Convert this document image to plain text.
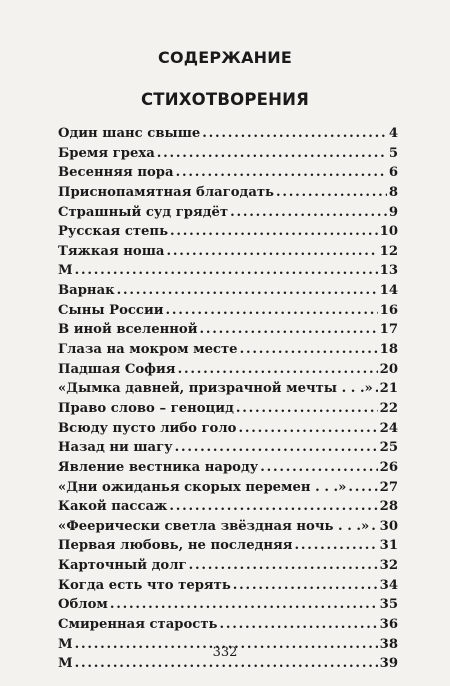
СОДЕРЖАНИЕ
СТИХОТВОРЕНИЯ
Один шанс свыше . . .	4
Бремя греха . . .	5
Весенняя пора . . .	6
Приснопамятная благодать . . .	8
Страшный суд грядёт . . .	9
Русская степь . . .	10
Тяжкая ноша . . .	12
М . . .	13
Варнак . . .	14
Сыны России . . .	16
В иной вселенной . . .	17
Глаза на мокром месте . . .	18
Падшая София . . .	20
«Дымка давней, призрачной мечты . . .» . . . 21
Право слово – геноцид . . .	22
Всюду пусто либо голо . . .	24
Назад ни шагу . . .	25
Явление вестника народу . . .	26
«Дни ожиданья скорых перемен . . .» . . .	27
Какой пассаж . . .	28
«Феерически светла звёздная ночь . . .» . . . 30
Первая любовь, не последняя . . .	31
Карточный долг . . .	32
Когда есть что терять . . .	34
Облом . . .	35
Смиренная старость . . .	36
М . . .	38
М . . .	39
332
